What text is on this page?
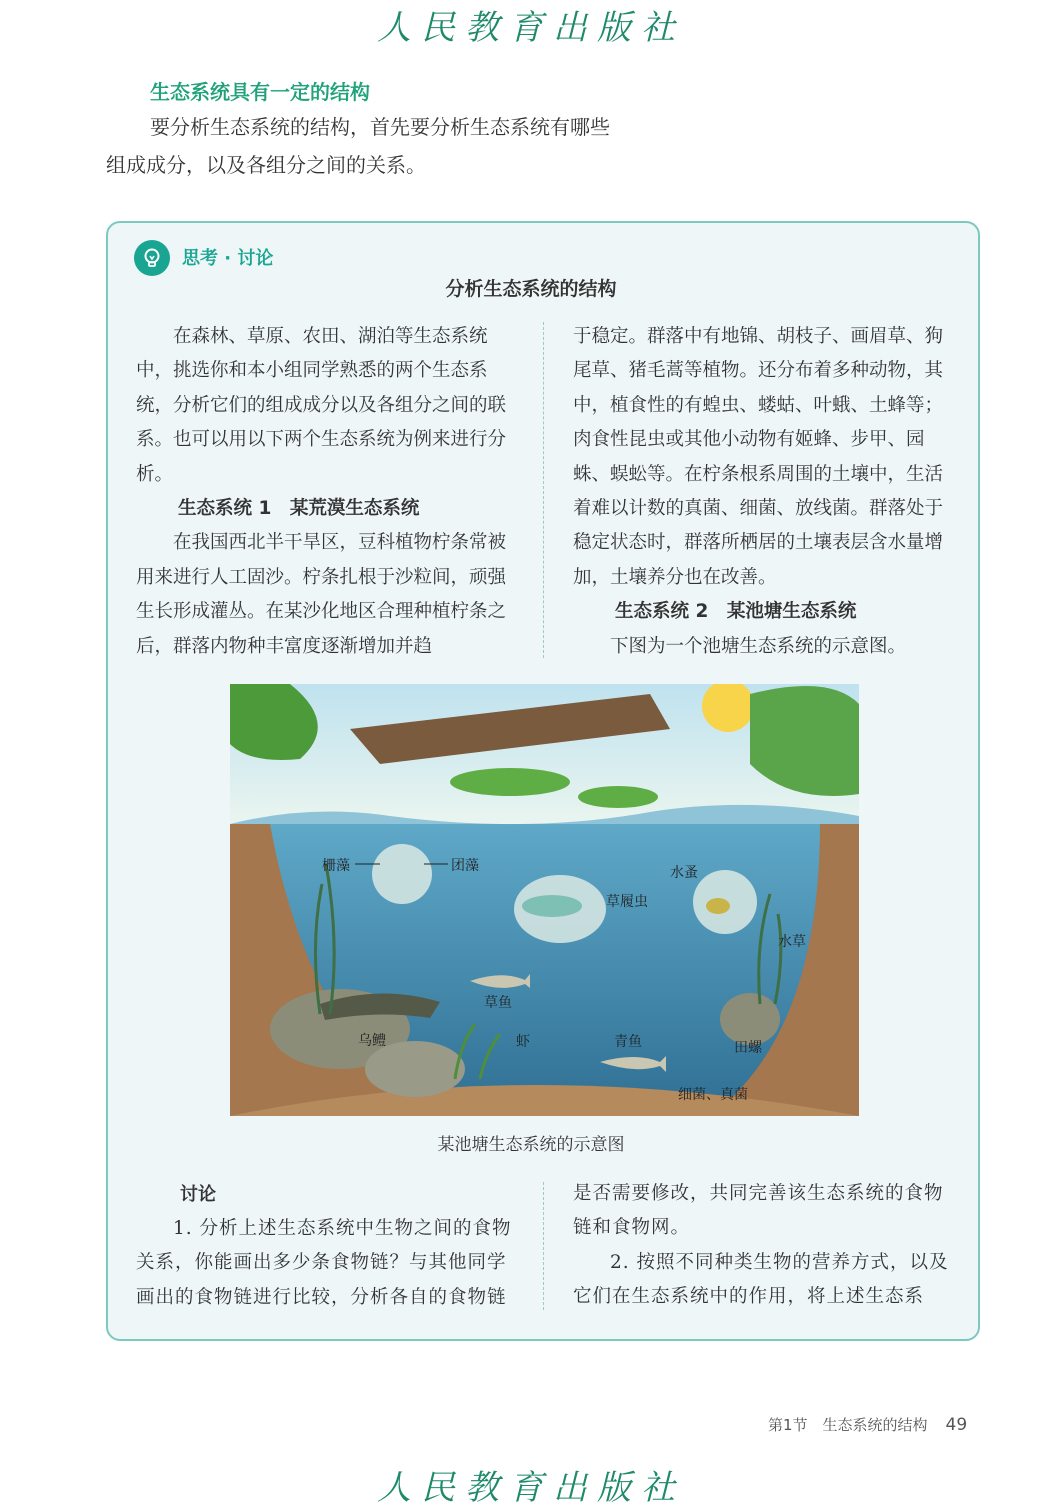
人民教育出版社
生态系统具有一定的结构
要分析生态系统的结构，首先要分析生态系统有哪些
组成成分，以及各组分之间的关系。
思考 · 讨论
分析生态系统的结构

在森林、草原、农田、湖泊等生态系统中，挑选你和本小组同学熟悉的两个生态系统，分析它们的组成成分以及各组分之间的联系。也可以用以下两个生态系统为例来进行分析。

生态系统 1　某荒漠生态系统

在我国西北半干旱区，豆科植物柠条常被用来进行人工固沙。柠条扎根于沙粒间，顽强生长形成灌丛。在某沙化地区合理种植柠条之后，群落内物种丰富度逐渐增加并趋

于稳定。群落中有地锦、胡枝子、画眉草、狗尾草、猪毛蒿等植物。还分布着多种动物，其中，植食性的有蝗虫、蝼蛄、叶蛾、土蜂等；肉食性昆虫或其他小动物有姬蜂、步甲、园蛛、蜈蚣等。在柠条根系周围的土壤中，生活着难以计数的真菌、细菌、放线菌。群落处于稳定状态时，群落所栖居的土壤表层含水量增加，土壤养分也在改善。

生态系统 2　某池塘生态系统

下图为一个池塘生态系统的示意图。

栅藻	团藻	水蚤
草履虫
水草
草鱼
乌鳢	虾	青鱼	田螺
细菌、真菌
某池塘生态系统的示意图
讨论

1. 分析上述生态系统中生物之间的食物关系，你能画出多少条食物链？与其他同学画出的食物链进行比较，分析各自的食物链

是否需要修改，共同完善该生态系统的食物链和食物网。

2. 按照不同种类生物的营养方式，以及它们在生态系统中的作用，将上述生态系

第1节　生态系统的结构 49
人民教育出版社
